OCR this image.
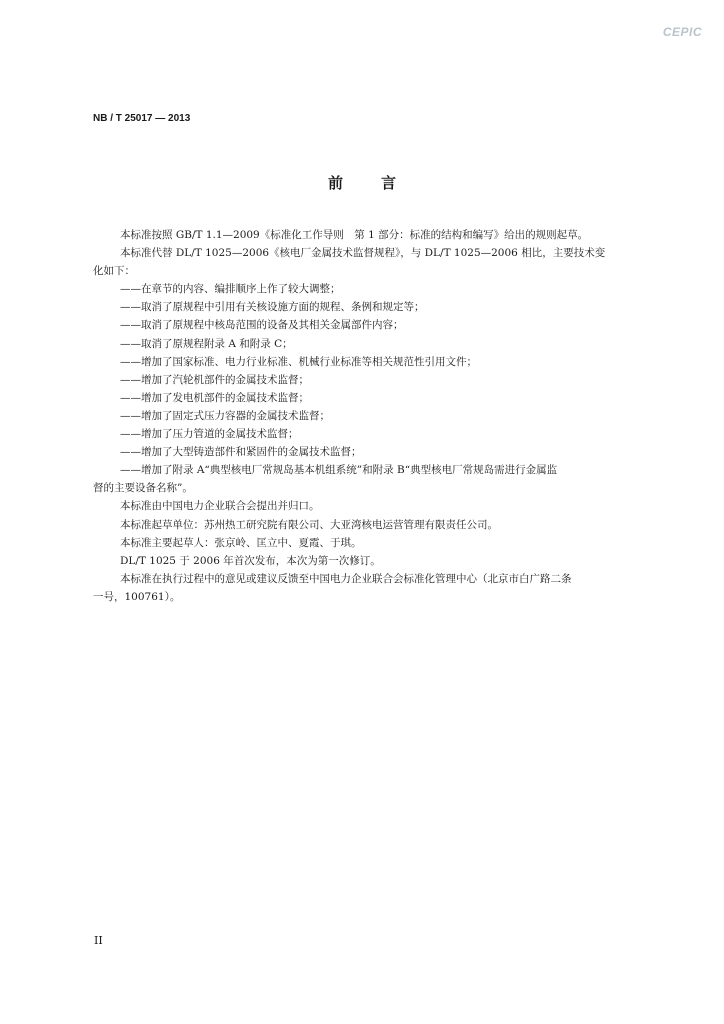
CEPIC
NB / T 25017 — 2013
前	言

本标准按照 GB/T 1.1—2009《标准化工作导则　第 1 部分：标准的结构和编写》给出的规则起草。

本标准代替 DL/T 1025—2006《核电厂金属技术监督规程》，与 DL/T 1025—2006 相比，主要技术变

化如下：

——在章节的内容、编排顺序上作了较大调整；

——取消了原规程中引用有关核设施方面的规程、条例和规定等；

——取消了原规程中核岛范围的设备及其相关金属部件内容；

——取消了原规程附录 A 和附录 C；

——增加了国家标准、电力行业标准、机械行业标准等相关规范性引用文件；

——增加了汽轮机部件的金属技术监督；

——增加了发电机部件的金属技术监督；

——增加了固定式压力容器的金属技术监督；

——增加了压力管道的金属技术监督；

——增加了大型铸造部件和紧固件的金属技术监督；

——增加了附录 A“典型核电厂常规岛基本机组系统”和附录 B“典型核电厂常规岛需进行金属监

督的主要设备名称”。

本标准由中国电力企业联合会提出并归口。

本标准起草单位：苏州热工研究院有限公司、大亚湾核电运营管理有限责任公司。

本标准主要起草人：张京岭、匡立中、夏霞、于琪。

DL/T 1025 于 2006 年首次发布，本次为第一次修订。

本标准在执行过程中的意见或建议反馈至中国电力企业联合会标准化管理中心（北京市白广路二条

一号，100761）。

II
